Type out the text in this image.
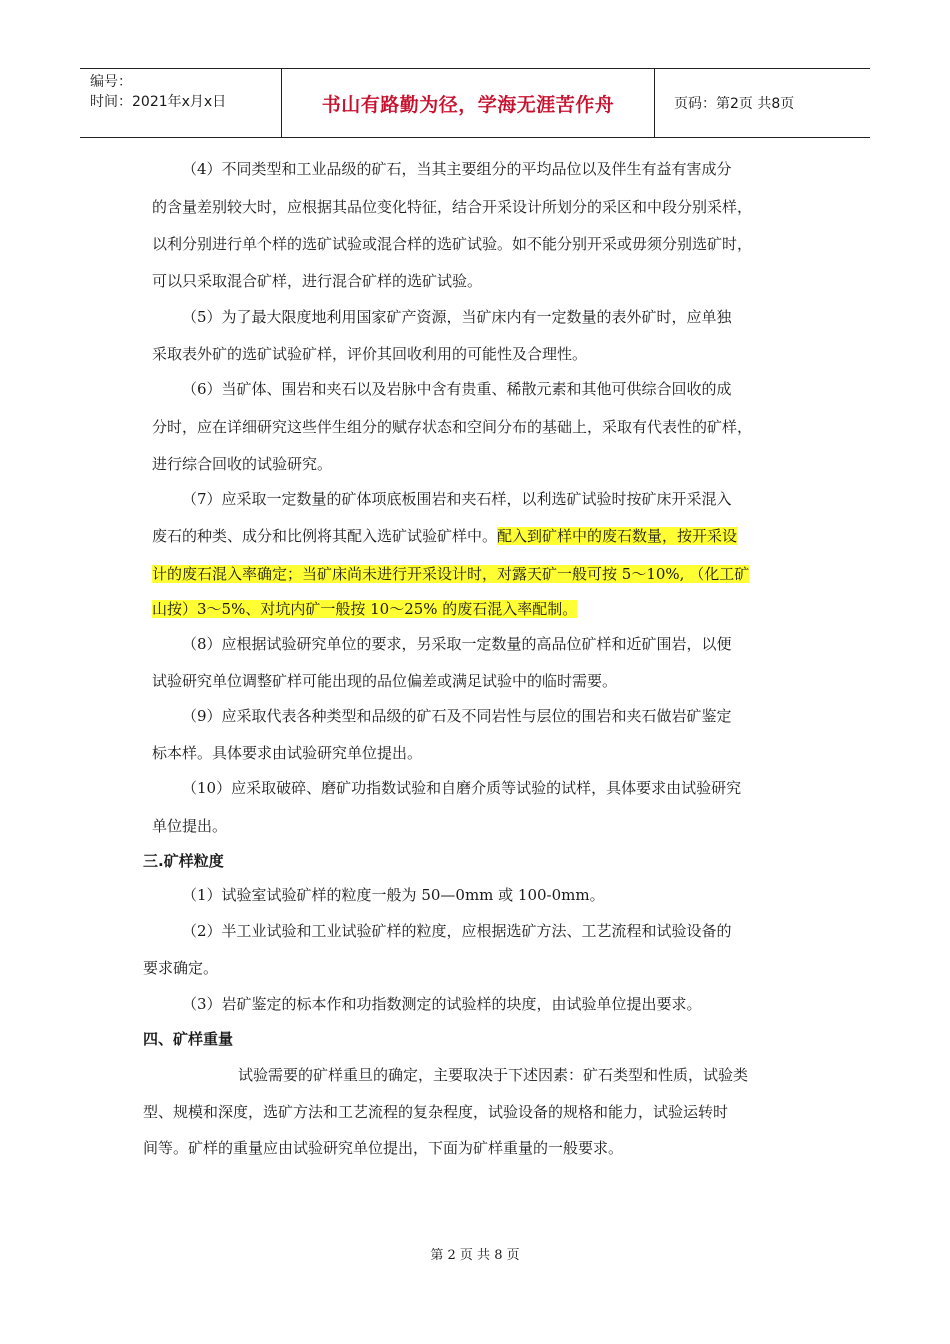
编号：
时间：2021年x月x日	书山有路勤为径，学海无涯苦作舟	页码：第2页 共8页
（4）不同类型和工业品级的矿石，当其主要组分的平均品位以及伴生有益有害成分
的含量差别较大时，应根据其品位变化特征，结合开采设计所划分的采区和中段分别采样，
以利分别进行单个样的选矿试验或混合样的选矿试验。如不能分别开采或毋须分别选矿时，
可以只采取混合矿样，进行混合矿样的选矿试验。
（5）为了最大限度地利用国家矿产资源，当矿床内有一定数量的表外矿时，应单独
采取表外矿的选矿试验矿样，评价其回收利用的可能性及合理性。
（6）当矿体、围岩和夹石以及岩脉中含有贵重、稀散元素和其他可供综合回收的成
分时，应在详细研究这些伴生组分的赋存状态和空间分布的基础上，采取有代表性的矿样，
进行综合回收的试验研究。
（7）应采取一定数量的矿体项底板围岩和夹石样，以利选矿试验时按矿床开采混入
废石的种类、成分和比例将其配入选矿试验矿样中。配入到矿样中的废石数量，按开采设
计的废石混入率确定；当矿床尚未进行开采设计时，对露天矿一般可按 5～10%, （化工矿
山按）3～5%、对坑内矿一般按 10～25% 的废石混入率配制。
（8）应根据试验研究单位的要求，另采取一定数量的高品位矿样和近矿围岩，以便
试验研究单位调整矿样可能出现的品位偏差或满足试验中的临时需要。
（9）应采取代表各种类型和品级的矿石及不同岩性与层位的围岩和夹石做岩矿鉴定
标本样。具体要求由试验研究单位提出。
（10）应采取破碎、磨矿功指数试验和自磨介质等试验的试样，具体要求由试验研究
单位提出。
三.矿样粒度
（1）试验室试验矿样的粒度一般为 50—0mm 或 100-0mm。
（2）半工业试验和工业试验矿样的粒度，应根据选矿方法、工艺流程和试验设备的
要求确定。
（3）岩矿鉴定的标本作和功指数测定的试验样的块度，由试验单位提出要求。
四、矿样重量
试验需要的矿样重旦的确定，主要取决于下述因素：矿石类型和性质，试验类
型、规模和深度，选矿方法和工艺流程的复杂程度，试验设备的规格和能力，试验运转时
间等。矿样的重量应由试验研究单位提出，下面为矿样重量的一般要求。
第 2 页 共 8 页
